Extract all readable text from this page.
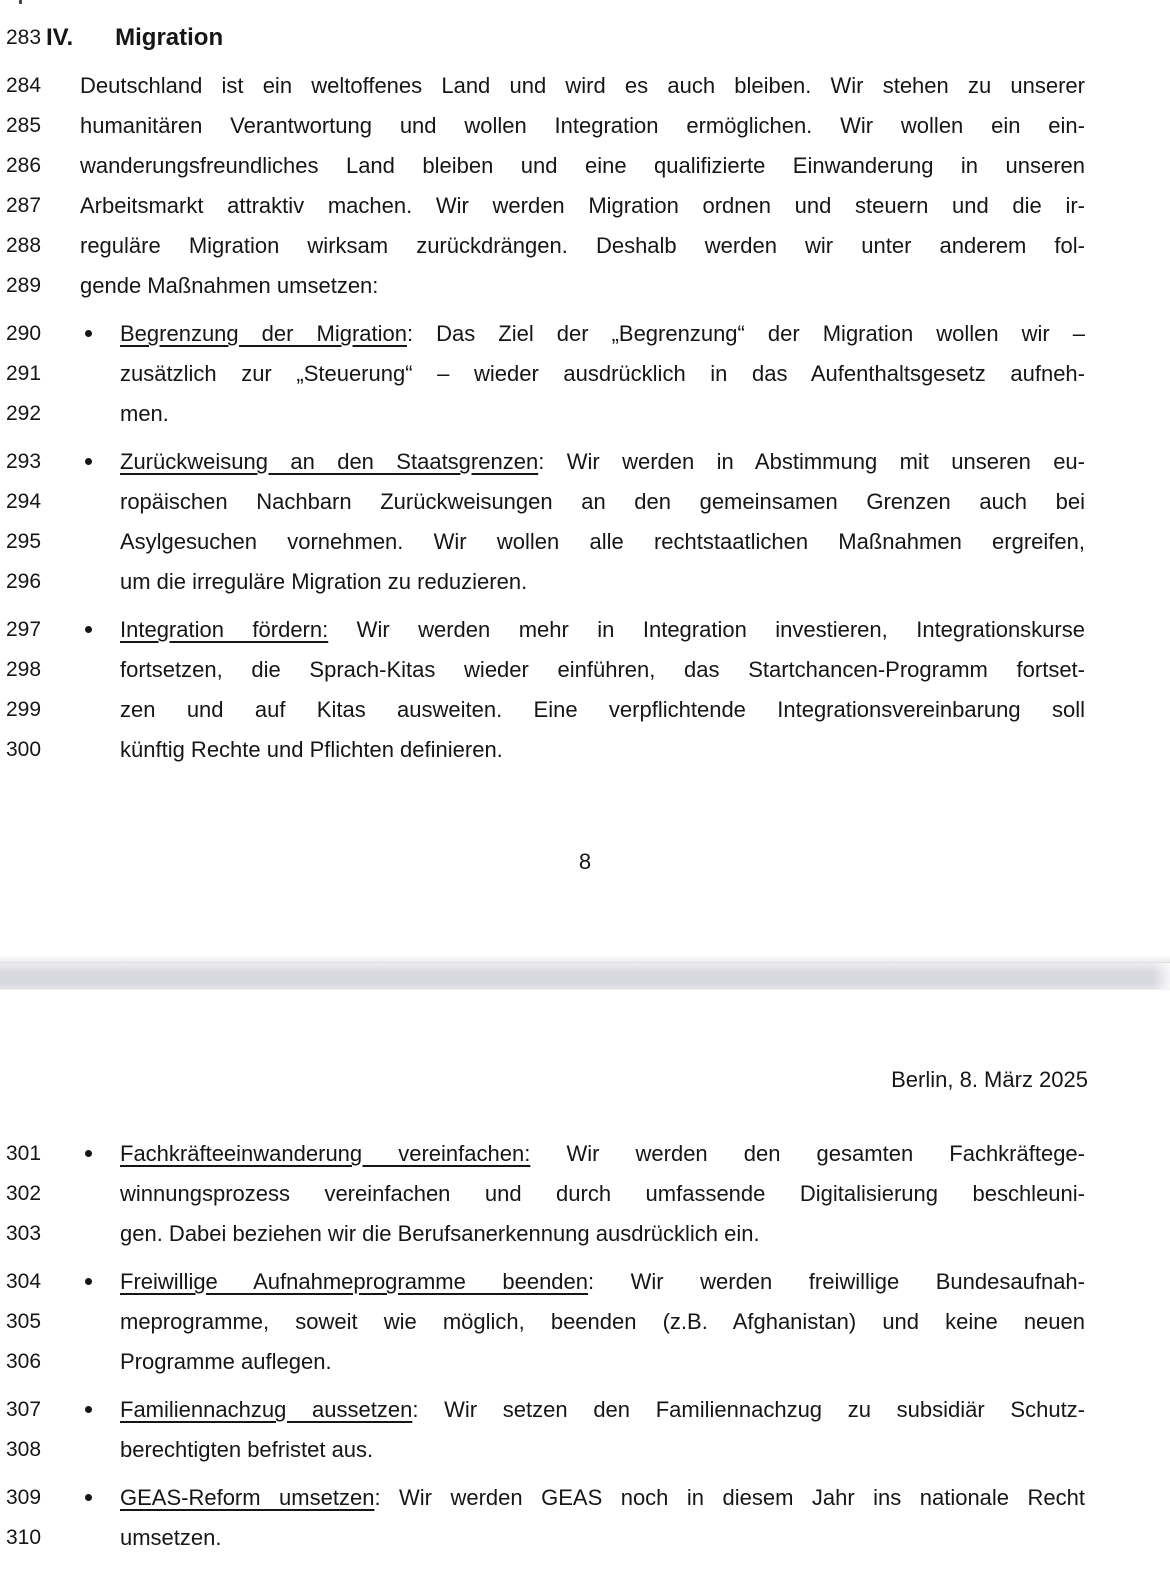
283 IV. Migration
284 Deutschland ist ein weltoffenes Land und wird es auch bleiben. Wir stehen zu unserer
285 humanitären Verantwortung und wollen Integration ermöglichen. Wir wollen ein ein-
286 wanderungsfreundliches Land bleiben und eine qualifizierte Einwanderung in unseren
287 Arbeitsmarkt attraktiv machen. Wir werden Migration ordnen und steuern und die ir-
288 reguläre Migration wirksam zurückdrängen. Deshalb werden wir unter anderem fol-
289 gende Maßnahmen umsetzen:
290	Begrenzung der Migration: Das Ziel der „Begrenzung“ der Migration wollen wir –
291	zusätzlich zur „Steuerung“ – wieder ausdrücklich in das Aufenthaltsgesetz aufneh-
292	men.
293	Zurückweisung an den Staatsgrenzen: Wir werden in Abstimmung mit unseren eu-
294	ropäischen Nachbarn Zurückweisungen an den gemeinsamen Grenzen auch bei
295	Asylgesuchen vornehmen. Wir wollen alle rechtstaatlichen Maßnahmen ergreifen,
296	um die irreguläre Migration zu reduzieren.
297	Integration fördern: Wir werden mehr in Integration investieren, Integrationskurse
298	fortsetzen, die Sprach-Kitas wieder einführen, das Startchancen-Programm fortset-
299	zen und auf Kitas ausweiten. Eine verpflichtende Integrationsvereinbarung soll
300	künftig Rechte und Pflichten definieren.
8
Berlin, 8. März 2025
301	Fachkräfteeinwanderung vereinfachen: Wir werden den gesamten Fachkräftege-
302	winnungsprozess vereinfachen und durch umfassende Digitalisierung beschleuni-
303	gen. Dabei beziehen wir die Berufsanerkennung ausdrücklich ein.
304	Freiwillige Aufnahmeprogramme beenden: Wir werden freiwillige Bundesaufnah-
305	meprogramme, soweit wie möglich, beenden (z.B. Afghanistan) und keine neuen
306	Programme auflegen.
307	Familiennachzug aussetzen: Wir setzen den Familiennachzug zu subsidiär Schutz-
308	berechtigten befristet aus.
309	GEAS-Reform umsetzen: Wir werden GEAS noch in diesem Jahr ins nationale Recht
310	umsetzen.
